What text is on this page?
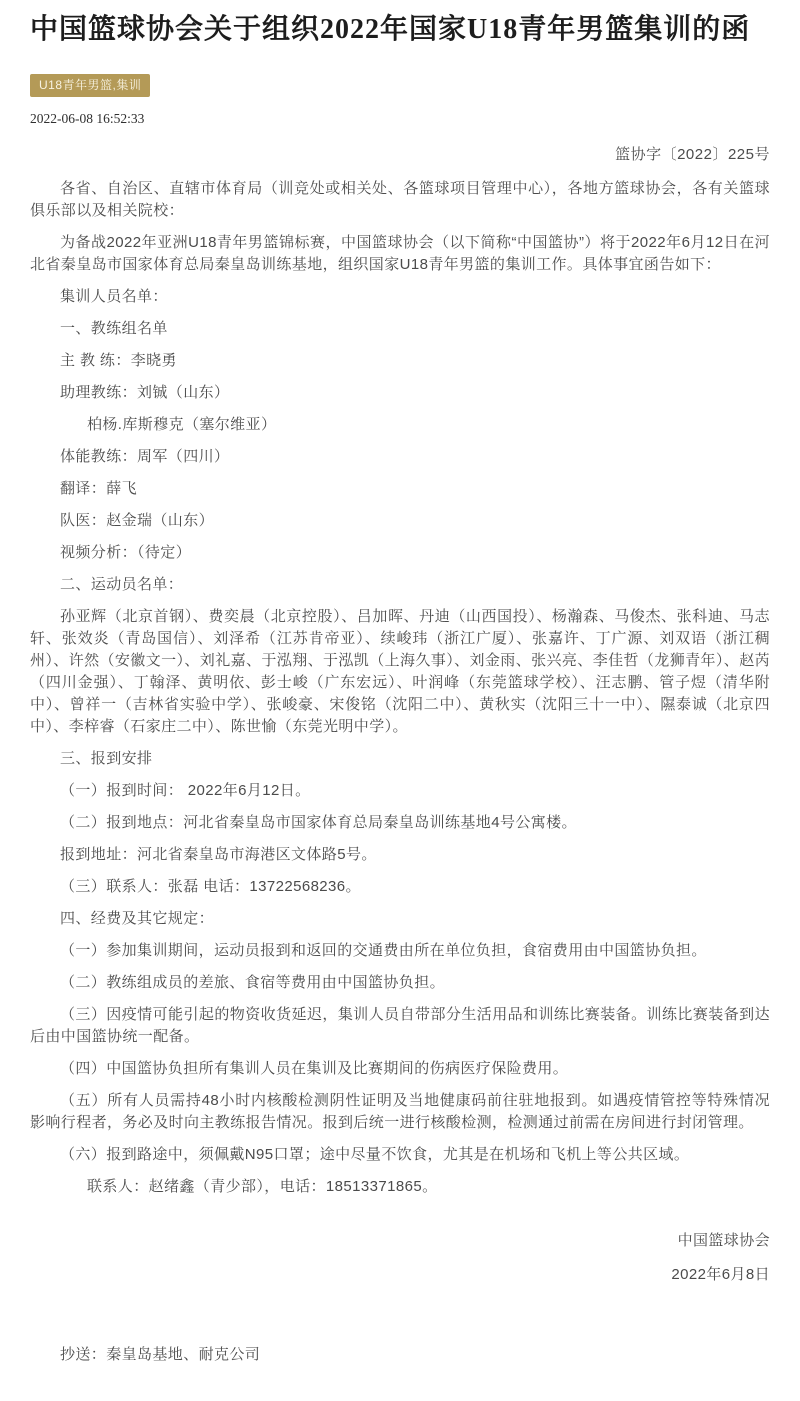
中国篮球协会关于组织2022年国家U18青年男篮集训的函
U18青年男篮,集训

2022-06-08 16:52:33

篮协字〔2022〕225号

各省、自治区、直辖市体育局（训竞处或相关处、各篮球项目管理中心），各地方篮球协会，各有关篮球俱乐部以及相关院校：

为备战2022年亚洲U18青年男篮锦标赛，中国篮球协会（以下简称“中国篮协”）将于2022年6月12日在河北省秦皇岛市国家体育总局秦皇岛训练基地，组织国家U18青年男篮的集训工作。具体事宜函告如下：

集训人员名单：

一、教练组名单

主 教 练：李晓勇

助理教练：刘铖（山东）

柏杨.库斯穆克（塞尔维亚）

体能教练：周军（四川）

翻译：薛飞

队医：赵金瑞（山东）

视频分析：（待定）

二、运动员名单：

孙亚辉（北京首钢）、费奕晨（北京控股）、吕加晖、丹迪（山西国投）、杨瀚森、马俊杰、张科迪、马志轩、张效炎（青岛国信）、刘泽希（江苏肯帝亚）、续峻玮（浙江广厦）、张嘉许、丁广源、刘双语（浙江稠州）、许然（安徽文一）、刘礼嘉、于泓翔、于泓凯（上海久事）、刘金雨、张兴亮、李佳哲（龙狮青年）、赵芮（四川金强）、丁翰泽、黄明依、彭士峻（广东宏远）、叶润峰（东莞篮球学校）、汪志鹏、管子煜（清华附中）、曾祥一（吉林省实验中学）、张峻豪、宋俊铭（沈阳二中）、黄秋实（沈阳三十一中）、隰泰诚（北京四中）、李梓睿（石家庄二中）、陈世愉（东莞光明中学）。

三、报到安排

（一）报到时间： 2022年6月12日。

（二）报到地点：河北省秦皇岛市国家体育总局秦皇岛训练基地4号公寓楼。

报到地址：河北省秦皇岛市海港区文体路5号。

（三）联系人：张磊 电话：13722568236。

四、经费及其它规定：

（一）参加集训期间，运动员报到和返回的交通费由所在单位负担，食宿费用由中国篮协负担。

（二）教练组成员的差旅、食宿等费用由中国篮协负担。

（三）因疫情可能引起的物资收货延迟，集训人员自带部分生活用品和训练比赛装备。训练比赛装备到达后由中国篮协统一配备。

（四）中国篮协负担所有集训人员在集训及比赛期间的伤病医疗保险费用。

（五）所有人员需持48小时内核酸检测阴性证明及当地健康码前往驻地报到。如遇疫情管控等特殊情况影响行程者，务必及时向主教练报告情况。报到后统一进行核酸检测，检测通过前需在房间进行封闭管理。

（六）报到路途中，须佩戴N95口罩；途中尽量不饮食，尤其是在机场和飞机上等公共区域。

联系人：赵绪鑫（青少部），电话：18513371865。

中国篮球协会

2022年6月8日

抄送：秦皇岛基地、耐克公司
